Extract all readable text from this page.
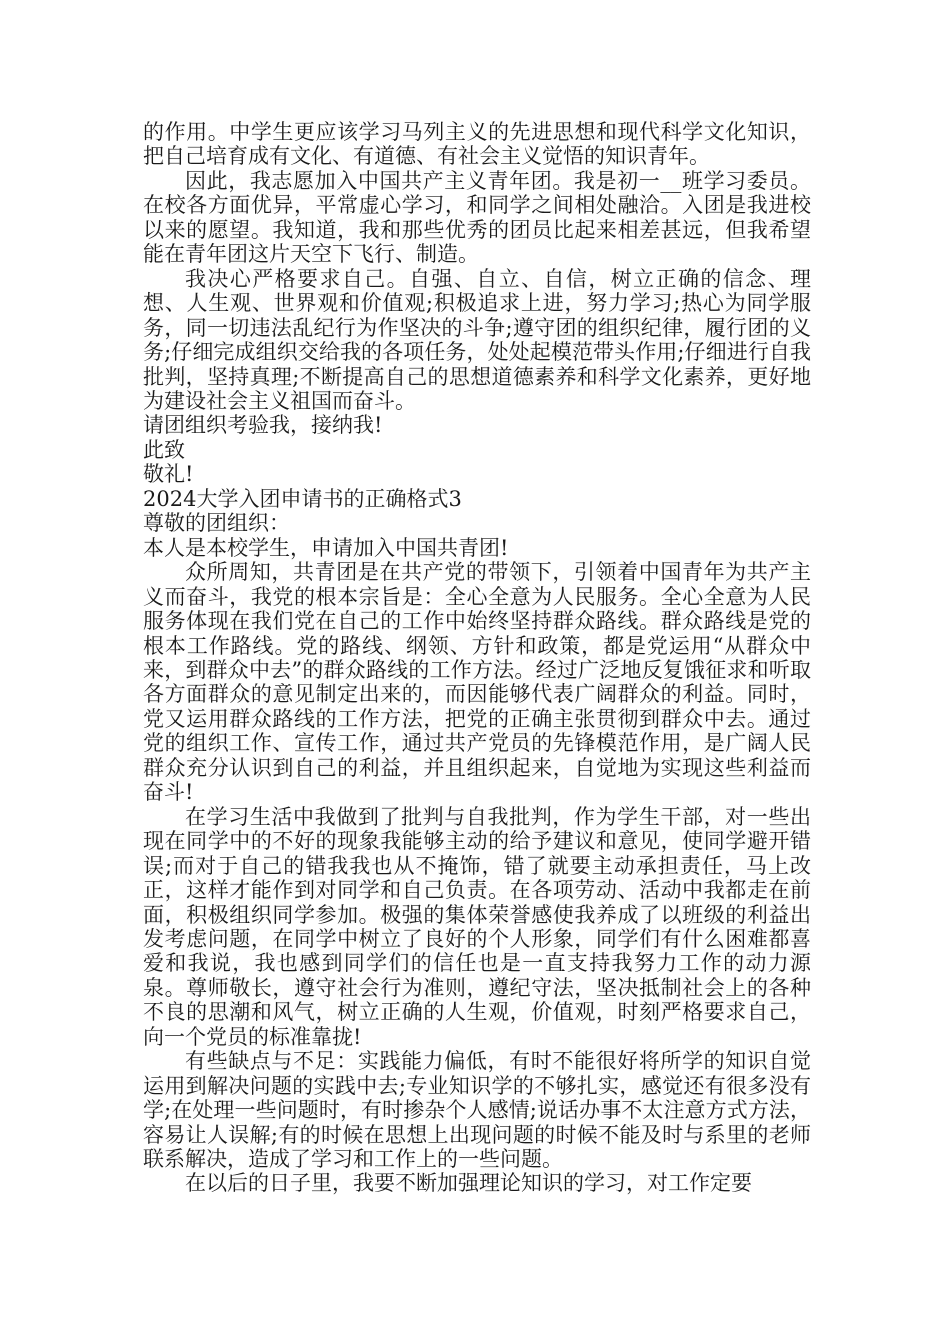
的作用。中学生更应该学习马列主义的先进思想和现代科学文化知识，把自己培育成有文化、有道德、有社会主义觉悟的知识青年。

因此，我志愿加入中国共产主义青年团。我是初一__班学习委员。在校各方面优异，平常虚心学习，和同学之间相处融洽。入团是我进校以来的愿望。我知道，我和那些优秀的团员比起来相差甚远，但我希望能在青年团这片天空下飞行、制造。

我决心严格要求自己。自强、自立、自信，树立正确的信念、理想、人生观、世界观和价值观;积极追求上进，努力学习;热心为同学服务，同一切违法乱纪行为作坚决的斗争;遵守团的组织纪律，履行团的义务;仔细完成组织交给我的各项任务，处处起模范带头作用;仔细进行自我批判，坚持真理;不断提高自己的思想道德素养和科学文化素养，更好地为建设社会主义祖国而奋斗。

请团组织考验我，接纳我!

此致

敬礼!

2024大学入团申请书的正确格式3

尊敬的团组织：

本人是本校学生，申请加入中国共青团!

众所周知，共青团是在共产党的带领下，引领着中国青年为共产主义而奋斗，我党的根本宗旨是：全心全意为人民服务。全心全意为人民服务体现在我们党在自己的工作中始终坚持群众路线。群众路线是党的根本工作路线。党的路线、纲领、方针和政策，都是党运用“从群众中来，到群众中去”的群众路线的工作方法。经过广泛地反复饿征求和听取各方面群众的意见制定出来的，而因能够代表广阔群众的利益。同时，党又运用群众路线的工作方法，把党的正确主张贯彻到群众中去。通过党的组织工作、宣传工作，通过共产党员的先锋模范作用，是广阔人民群众充分认识到自己的利益，并且组织起来，自觉地为实现这些利益而奋斗!

在学习生活中我做到了批判与自我批判，作为学生干部，对一些出现在同学中的不好的现象我能够主动的给予建议和意见，使同学避开错误;而对于自己的错我我也从不掩饰，错了就要主动承担责任，马上改正，这样才能作到对同学和自己负责。在各项劳动、活动中我都走在前面，积极组织同学参加。极强的集体荣誉感使我养成了以班级的利益出发考虑问题，在同学中树立了良好的个人形象，同学们有什么困难都喜爱和我说，我也感到同学们的信任也是一直支持我努力工作的动力源泉。尊师敬长，遵守社会行为准则，遵纪守法，坚决抵制社会上的各种不良的思潮和风气，树立正确的人生观，价值观，时刻严格要求自己，向一个党员的标准靠拢!

有些缺点与不足：实践能力偏低，有时不能很好将所学的知识自觉运用到解决问题的实践中去;专业知识学的不够扎实，感觉还有很多没有学;在处理一些问题时，有时掺杂个人感情;说话办事不太注意方式方法，容易让人误解;有的时候在思想上出现问题的时候不能及时与系里的老师联系解决，造成了学习和工作上的一些问题。

在以后的日子里，我要不断加强理论知识的学习，对工作定要
